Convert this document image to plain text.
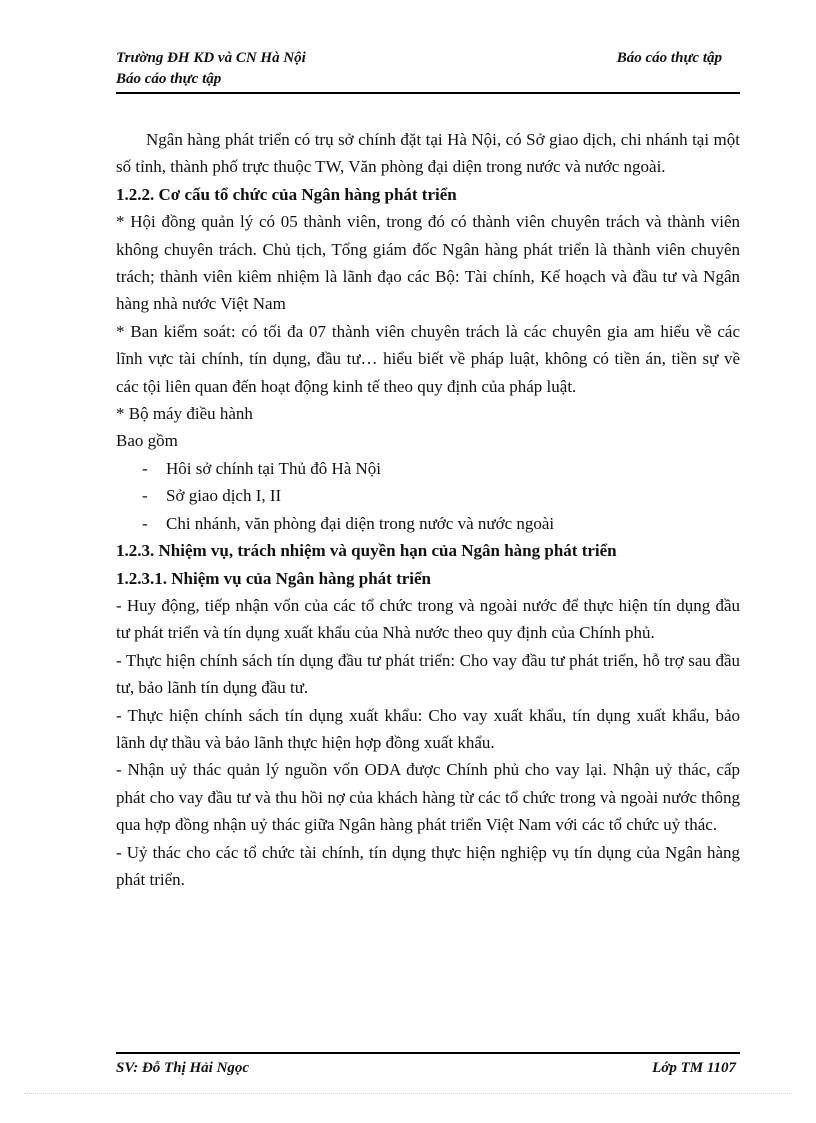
Trường ĐH KD và CN Hà Nội
Báo cáo thực tập
Báo cáo thực tập

Ngân hàng phát triển có trụ sở chính đặt tại Hà Nội, có Sở giao dịch, chi nhánh tại một số tỉnh, thành phố trực thuộc TW, Văn phòng đại diện trong nước và nước ngoài.

1.2.2. Cơ cấu tổ chức của Ngân hàng phát triển

* Hội đồng quản lý có 05 thành viên, trong đó có thành viên chuyên trách và thành viên không chuyên trách. Chủ tịch, Tổng giám đốc Ngân hàng phát triển là thành viên chuyên trách; thành viên kiêm nhiệm là lãnh đạo các Bộ: Tài chính, Kế hoạch và đầu tư và Ngân hàng nhà nước Việt Nam

* Ban kiểm soát: có tối đa 07 thành viên chuyên trách là các chuyên gia am hiểu về các lĩnh vực tài chính, tín dụng, đầu tư… hiểu biết về pháp luật, không có tiền án, tiền sự về các tội liên quan đến hoạt động kinh tế theo quy định của pháp luật.

* Bộ máy điều hành

Bao gồm

- Hôi sở chính tại Thủ đô Hà Nội
- Sở giao dịch I, II
- Chi nhánh, văn phòng đại diện trong nước và nước ngoài
1.2.3. Nhiệm vụ, trách nhiệm và quyền hạn của Ngân hàng phát triển
1.2.3.1. Nhiệm vụ của Ngân hàng phát triển

- Huy động, tiếp nhận vốn của các tổ chức trong và ngoài nước để thực hiện tín dụng đầu tư phát triển và tín dụng xuất khẩu của Nhà nước theo quy định của Chính phủ.

- Thực hiện chính sách tín dụng đầu tư phát triển: Cho vay đầu tư phát triển, hỗ trợ sau đầu tư, bảo lãnh tín dụng đầu tư.

- Thực hiện chính sách tín dụng xuất khẩu: Cho vay xuất khẩu, tín dụng xuất khẩu, bảo lãnh dự thầu và bảo lãnh thực hiện hợp đồng xuất khẩu.

- Nhận uỷ thác quản lý nguồn vốn ODA được Chính phủ cho vay lại. Nhận uỷ thác, cấp phát cho vay đầu tư và thu hồi nợ của khách hàng từ các tổ chức trong và ngoài nước thông qua hợp đồng nhận uỷ thác giữa Ngân hàng phát triển Việt Nam với các tổ chức uỷ thác.

- Uỷ thác cho các tổ chức tài chính, tín dụng thực hiện nghiệp vụ tín dụng của Ngân hàng phát triển.

SV: Đỗ Thị Hải Ngọc	Lớp TM 1107
